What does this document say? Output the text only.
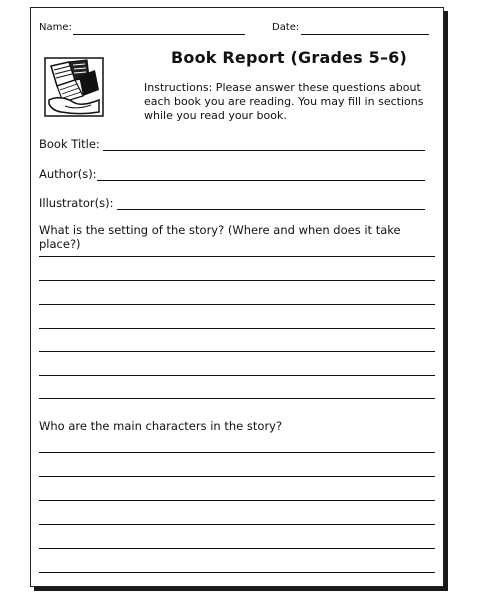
Name:	Date:
Book Report (Grades 5–6)
Instructions: Please answer these questions about
each book you are reading. You may fill in sections
while you read your book.
Book Title:
Author(s):
Illustrator(s):
What is the setting of the story? (Where and when does it take place?)
Who are the main characters in the story?
